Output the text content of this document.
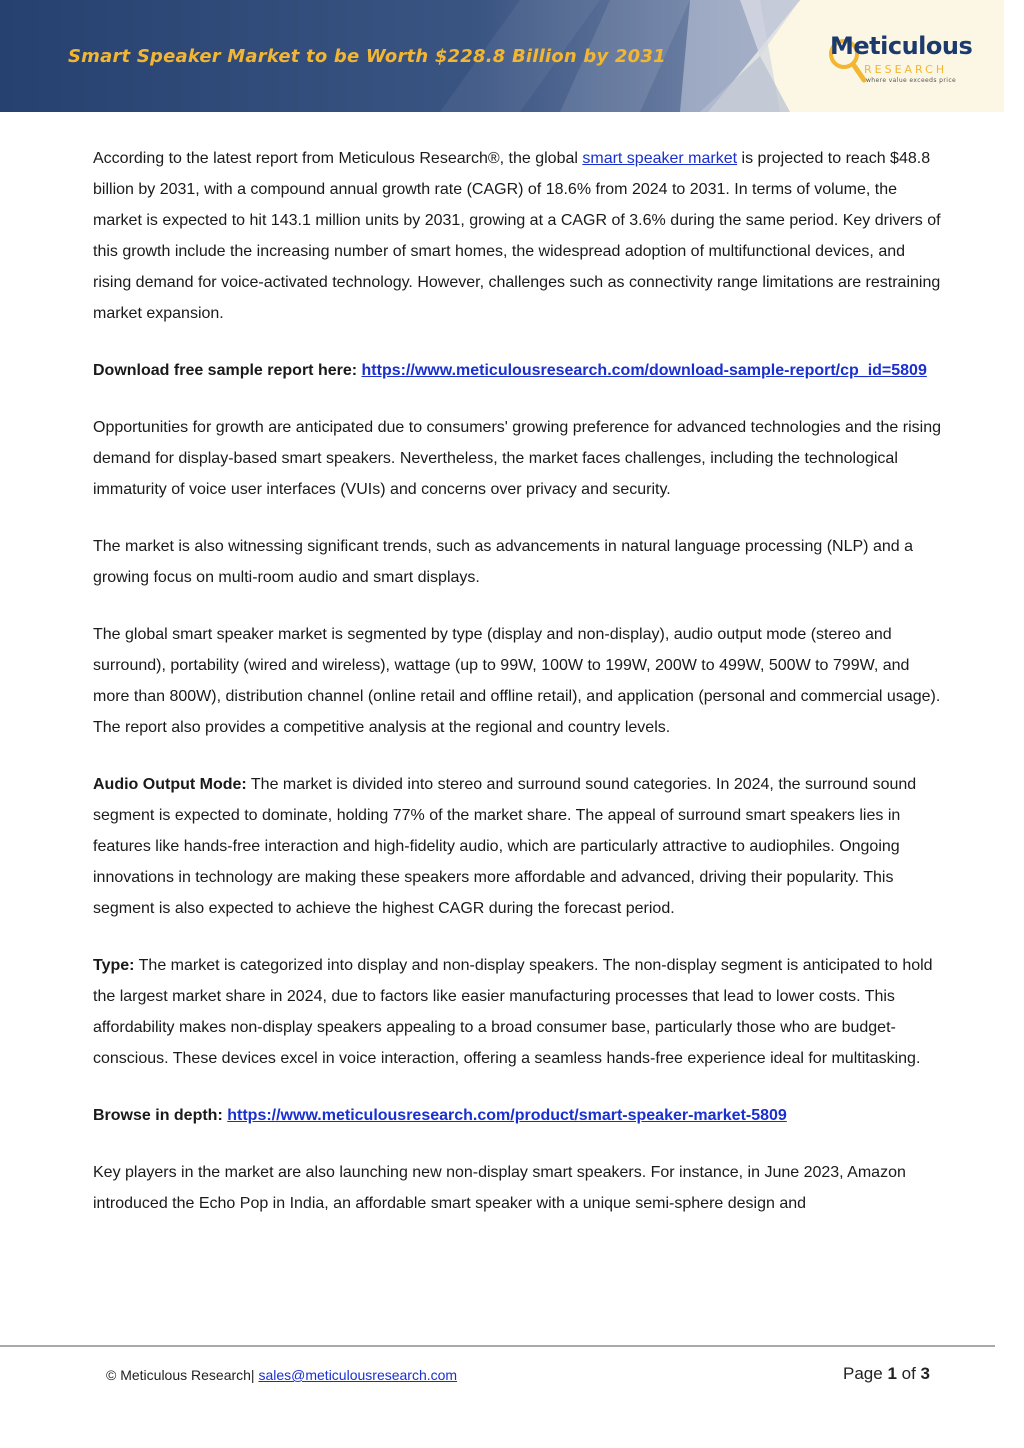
Smart Speaker Market to be Worth $228.8 Billion by 2031	Meticulous
RESEARCH
where value exceeds price

According to the latest report from Meticulous Research®, the global smart speaker market is projected to reach $48.8 billion by 2031, with a compound annual growth rate (CAGR) of 18.6% from 2024 to 2031. In terms of volume, the market is expected to hit 143.1 million units by 2031, growing at a CAGR of 3.6% during the same period. Key drivers of this growth include the increasing number of smart homes, the widespread adoption of multifunctional devices, and rising demand for voice-activated technology. However, challenges such as connectivity range limitations are restraining market expansion.

Download free sample report here: https://www.meticulousresearch.com/download-sample-report/cp_id=5809

Opportunities for growth are anticipated due to consumers' growing preference for advanced technologies and the rising demand for display-based smart speakers. Nevertheless, the market faces challenges, including the technological immaturity of voice user interfaces (VUIs) and concerns over privacy and security.

The market is also witnessing significant trends, such as advancements in natural language processing (NLP) and a growing focus on multi-room audio and smart displays.

The global smart speaker market is segmented by type (display and non-display), audio output mode (stereo and surround), portability (wired and wireless), wattage (up to 99W, 100W to 199W, 200W to 499W, 500W to 799W, and more than 800W), distribution channel (online retail and offline retail), and application (personal and commercial usage). The report also provides a competitive analysis at the regional and country levels.

Audio Output Mode: The market is divided into stereo and surround sound categories. In 2024, the surround sound segment is expected to dominate, holding 77% of the market share. The appeal of surround smart speakers lies in features like hands-free interaction and high-fidelity audio, which are particularly attractive to audiophiles. Ongoing innovations in technology are making these speakers more affordable and advanced, driving their popularity. This segment is also expected to achieve the highest CAGR during the forecast period.

Type: The market is categorized into display and non-display speakers. The non-display segment is anticipated to hold the largest market share in 2024, due to factors like easier manufacturing processes that lead to lower costs. This affordability makes non-display speakers appealing to a broad consumer base, particularly those who are budget-conscious. These devices excel in voice interaction, offering a seamless hands-free experience ideal for multitasking.

Browse in depth: https://www.meticulousresearch.com/product/smart-speaker-market-5809

Key players in the market are also launching new non-display smart speakers. For instance, in June 2023, Amazon introduced the Echo Pop in India, an affordable smart speaker with a unique semi-sphere design and

© Meticulous Research| sales@meticulousresearch.com	Page 1 of 3
